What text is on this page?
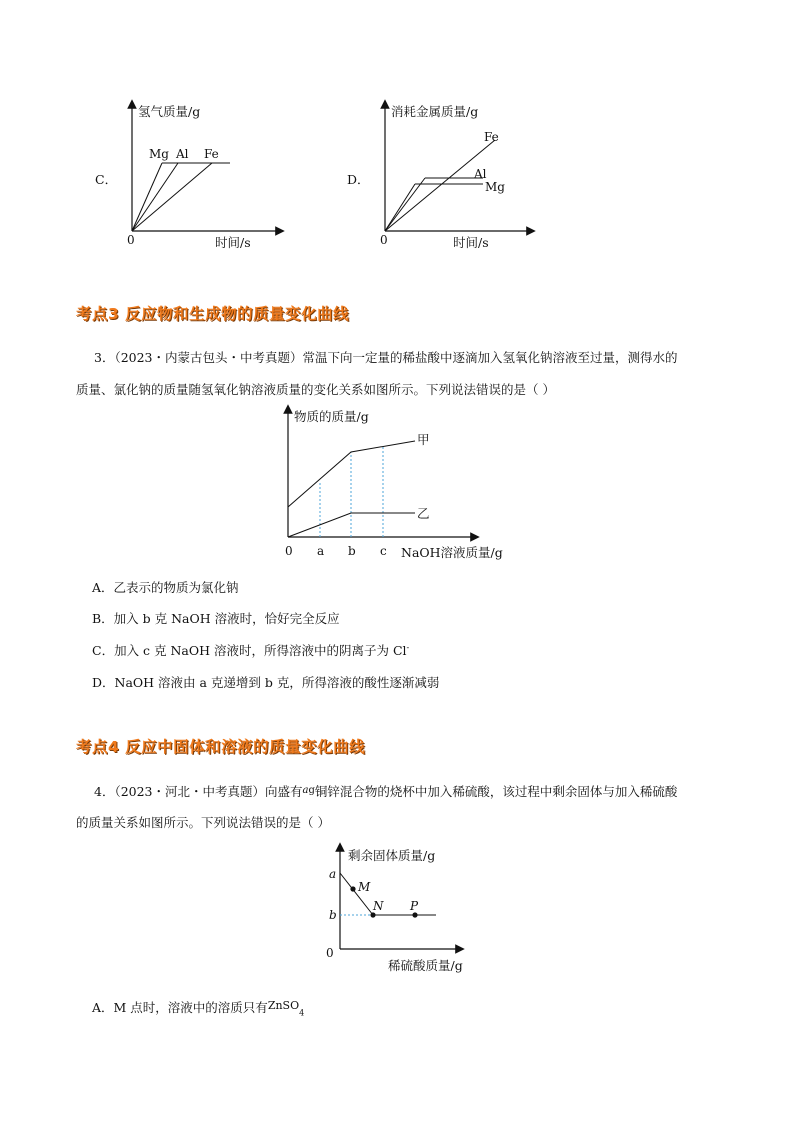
C．
氢气质量/g
时间/s
0
Mg Al Fe
D．
消耗金属质量/g
时间/s
0
Fe
Al
Mg
考点3 反应物和生成物的质量变化曲线
3．（2023・内蒙古包头・中考真题）常温下向一定量的稀盐酸中逐滴加入氢氧化钠溶液至过量，测得水的
质量、氯化钠的质量随氢氧化钠溶液质量的变化关系如图所示。下列说法错误的是（ ）
物质的质量/g
NaOH溶液质量/g
0 a b c
甲
乙
A．乙表示的物质为氯化钠
B．加入 b 克 NaOH 溶液时，恰好完全反应
C．加入 c 克 NaOH 溶液时，所得溶液中的阴离子为 Cl-
D．NaOH 溶液由 a 克递增到 b 克，所得溶液的酸性逐渐减弱
考点4 反应中固体和溶液的质量变化曲线
4．（2023・河北・中考真题）向盛有$^{ag}$铜锌混合物的烧杯中加入稀硫酸，该过程中剩余固体与加入稀硫酸
的质量关系如图所示。下列说法错误的是（ ）
剩余固体质量/g
稀硫酸质量/g
0
a
b
M
N P
A．M 点时，溶液中的溶质只有ZnSO$_4$
